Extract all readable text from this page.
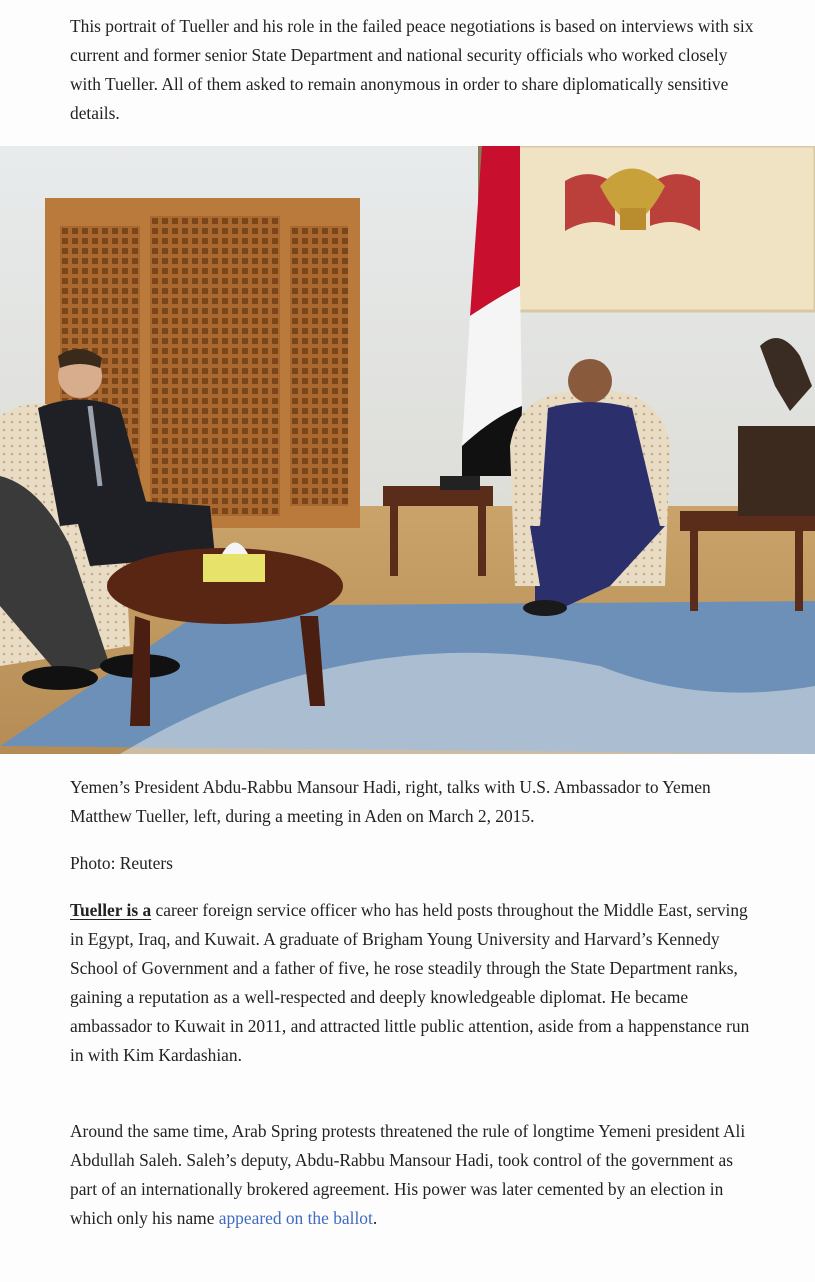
This portrait of Tueller and his role in the failed peace negotiations is based on interviews with six current and former senior State Department and national security officials who worked closely with Tueller. All of them asked to remain anonymous in order to share diplomatically sensitive details.

Yemen’s President Abdu-Rabbu Mansour Hadi, right, talks with U.S. Ambassador to Yemen Matthew Tueller, left, during a meeting in Aden on March 2, 2015.

Photo: Reuters

Tueller is a career foreign service officer who has held posts throughout the Middle East, serving in Egypt, Iraq, and Kuwait. A graduate of Brigham Young University and Harvard’s Kennedy School of Government and a father of five, he rose steadily through the State Department ranks, gaining a reputation as a well-respected and deeply knowledgeable diplomat. He became ambassador to Kuwait in 2011, and attracted little public attention, aside from a happenstance run in with Kim Kardashian.

Around the same time, Arab Spring protests threatened the rule of longtime Yemeni president Ali Abdullah Saleh. Saleh’s deputy, Abdu-Rabbu Mansour Hadi, took control of the government as part of an internationally brokered agreement. His power was later cemented by an election in which only his name appeared on the ballot.
